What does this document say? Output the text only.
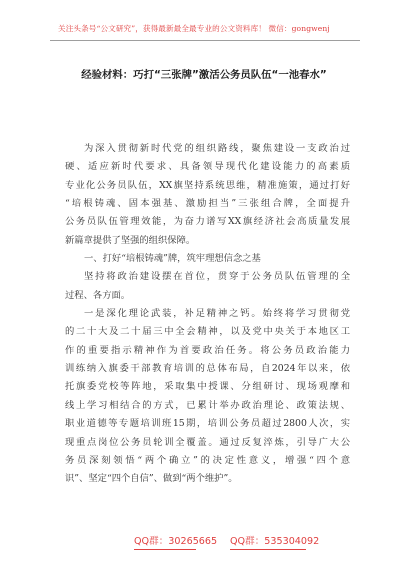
关注头条号“公文研究”，获得最新最全最专业的公文资料库！ 微信：gongwenj
经验材料：巧打“三张牌”激活公务员队伍“一池春水”
为深入贯彻新时代党的组织路线，聚焦建设一支政治过
硬、适应新时代要求、具备领导现代化建设能力的高素质
专业化公务员队伍，XX旗坚持系统思维，精准施策，通过打好
“培根铸魂、固本强基、激励担当”三张组合牌，全面提升
公务员队伍管理效能，为奋力谱写XX旗经济社会高质量发展
新篇章提供了坚强的组织保障。
一、打好“培根铸魂”牌，筑牢理想信念之基
坚持将政治建设摆在首位，贯穿于公务员队伍管理的全
过程、各方面。
一是深化理论武装，补足精神之钙。始终将学习贯彻党
的二十大及二十届三中全会精神，以及党中央关于本地区工
作的重要指示精神作为首要政治任务。将公务员政治能力
训练纳入旗委干部教育培训的总体布局，自2024年以来，依
托旗委党校等阵地，采取集中授课、分组研讨、现场观摩和
线上学习相结合的方式，已累计举办政治理论、政策法规、
职业道德等专题培训班15期，培训公务员超过2800人次，实
现重点岗位公务员轮训全覆盖。通过反复淬炼，引导广大公
务员深刻领悟“两个确立”的决定性意义，增强“四个意
识”、坚定“四个自信”、做到“两个维护”。
QQ群：30265665 QQ群：535304092
